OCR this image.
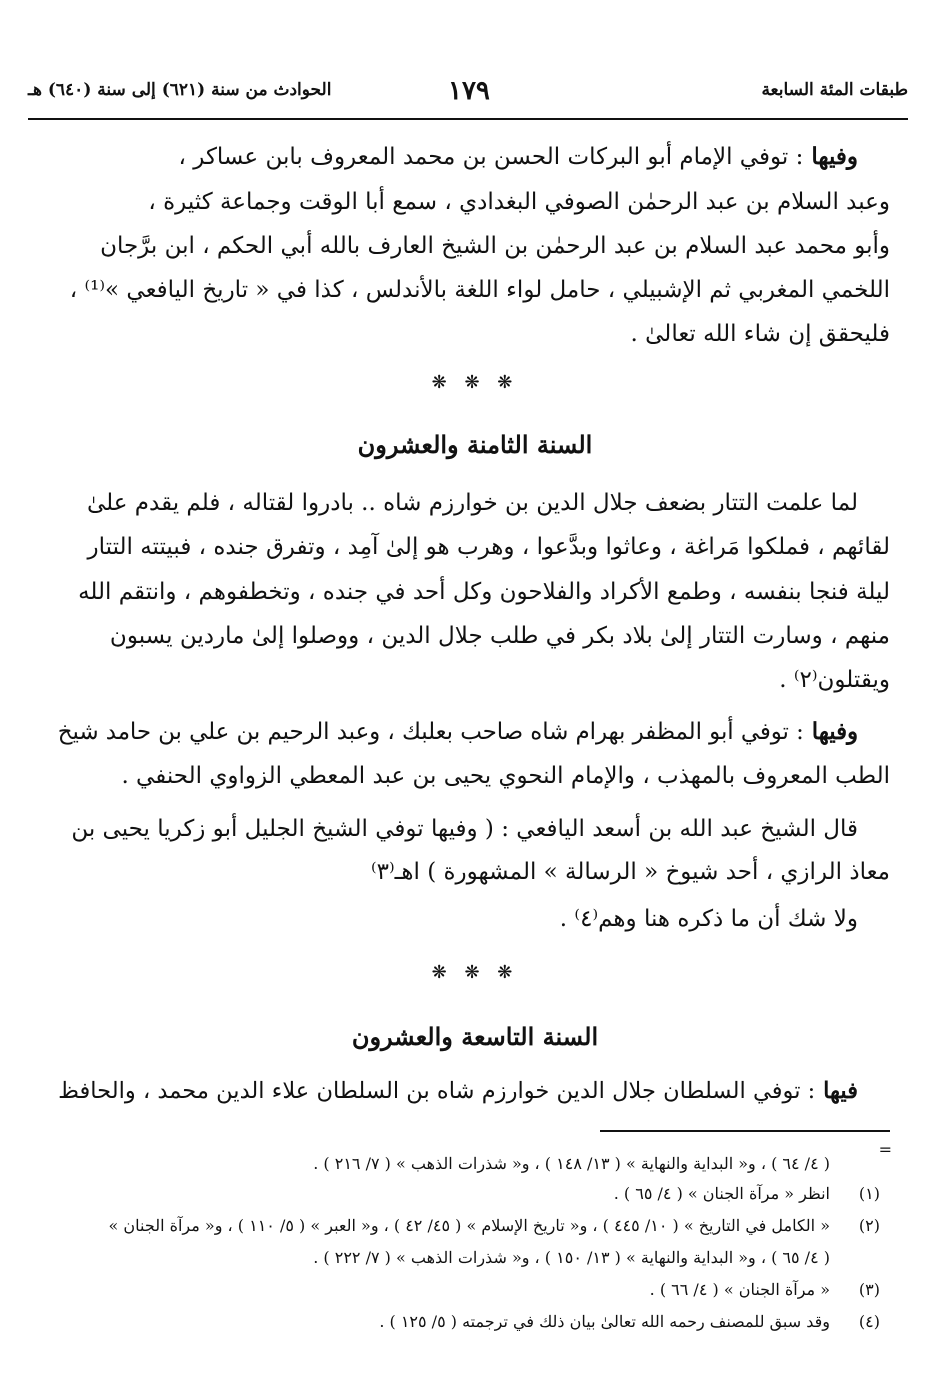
طبقات المئة السابعة
١٧٩
الحوادث من سنة (٦٢١) إلى سنة (٦٤٠) هـ
وفيها : توفي الإمام أبو البركات الحسن بن محمد المعروف بابن عساكر ،
وعبد السلام بن عبد الرحمٰن الصوفي البغدادي ، سمع أبا الوقت وجماعة كثيرة ،
وأبو محمد عبد السلام بن عبد الرحمٰن بن الشيخ العارف بالله أبي الحكم ، ابن برَّجان
اللخمي المغربي ثم الإشبيلي ، حامل لواء اللغة بالأندلس ، كذا في « تاريخ اليافعي »⁽¹⁾ ،
فليحقق إن شاء الله تعالىٰ .
❋ ❋ ❋
السنة الثامنة والعشرون
لما علمت التتار بضعف جلال الدين بن خوارزم شاه .. بادروا لقتاله ، فلم يقدم علىٰ
لقائهم ، فملكوا مَراغة ، وعاثوا وبدَّعوا ، وهرب هو إلىٰ آمِد ، وتفرق جنده ، فبيتته التتار
ليلة فنجا بنفسه ، وطمع الأكراد والفلاحون وكل أحد في جنده ، وتخطفوهم ، وانتقم الله
منهم ، وسارت التتار إلىٰ بلاد بكر في طلب جلال الدين ، ووصلوا إلىٰ ماردين يسبون
ويقتلون⁽٢⁾ .
وفيها : توفي أبو المظفر بهرام شاه صاحب بعلبك ، وعبد الرحيم بن علي بن حامد شيخ
الطب المعروف بالمهذب ، والإمام النحوي يحيى بن عبد المعطي الزواوي الحنفي .
قال الشيخ عبد الله بن أسعد اليافعي : ( وفيها توفي الشيخ الجليل أبو زكريا يحيى بن
معاذ الرازي ، أحد شيوخ « الرسالة » المشهورة ) اهـ⁽٣⁾
ولا شك أن ما ذكره هنا وهم⁽٤⁾ .
❋ ❋ ❋
السنة التاسعة والعشرون
فيها : توفي السلطان جلال الدين خوارزم شاه بن السلطان علاء الدين محمد ، والحافظ
=
( ٤/ ٦٤ ) ، و« البداية والنهاية » ( ١٣/ ١٤٨ ) ، و« شذرات الذهب » ( ٧/ ٢١٦ ) .
(١)
انظر « مرآة الجنان » ( ٤/ ٦٥ ) .
(٢)
« الكامل في التاريخ » ( ١٠/ ٤٤٥ ) ، و« تاريخ الإسلام » ( ٤٥/ ٤٢ ) ، و« العبر » ( ٥/ ١١٠ ) ، و« مرآة الجنان »
( ٤/ ٦٥ ) ، و« البداية والنهاية » ( ١٣/ ١٥٠ ) ، و« شذرات الذهب » ( ٧/ ٢٢٢ ) .
(٣)
« مرآة الجنان » ( ٤/ ٦٦ ) .
(٤)
وقد سبق للمصنف رحمه الله تعالىٰ بيان ذلك في ترجمته ( ٥/ ١٢٥ ) .
